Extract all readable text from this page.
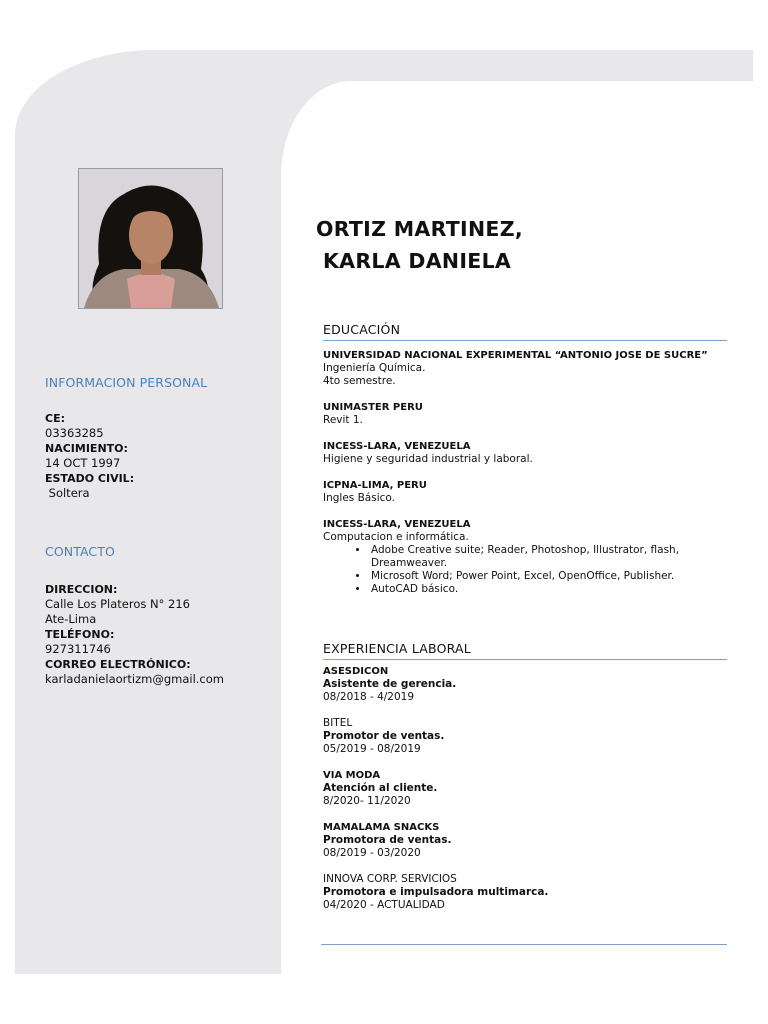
INFORMACION PERSONAL
CE:
03363285
NACIMIENTO:
14 OCT 1997
ESTADO CIVIL:
Soltera
CONTACTO
DIRECCION:
Calle Los Plateros N° 216
Ate-Lima
TELÉFONO:
927311746
CORREO ELECTRÓNICO:
karladanielaortizm@gmail.com
ORTIZ MARTINEZ,
KARLA DANIELA
EDUCACIÓN
UNIVERSIDAD NACIONAL EXPERIMENTAL “ANTONIO JOSE DE SUCRE”
Ingeniería Química.
4to semestre.
UNIMASTER PERU
Revit 1.
INCESS-LARA, VENEZUELA
Higiene y seguridad industrial y laboral.
ICPNA-LIMA, PERU
Ingles Básico.
INCESS-LARA, VENEZUELA
Computacion e informática.
• Adobe Creative suite; Reader, Photoshop, Illustrator, flash, Dreamweaver.
• Microsoft Word; Power Point, Excel, OpenOffice, Publisher.
• AutoCAD básico.
EXPERIENCIA LABORAL
ASESDICON
Asistente de gerencia.
08/2018 - 4/2019
BITEL
Promotor de ventas.
05/2019 - 08/2019
VIA MODA
Atención al cliente.
8/2020- 11/2020
MAMALAMA SNACKS
Promotora de ventas.
08/2019 - 03/2020
INNOVA CORP. SERVICIOS
Promotora e impulsadora multimarca.
04/2020 - ACTUALIDAD
